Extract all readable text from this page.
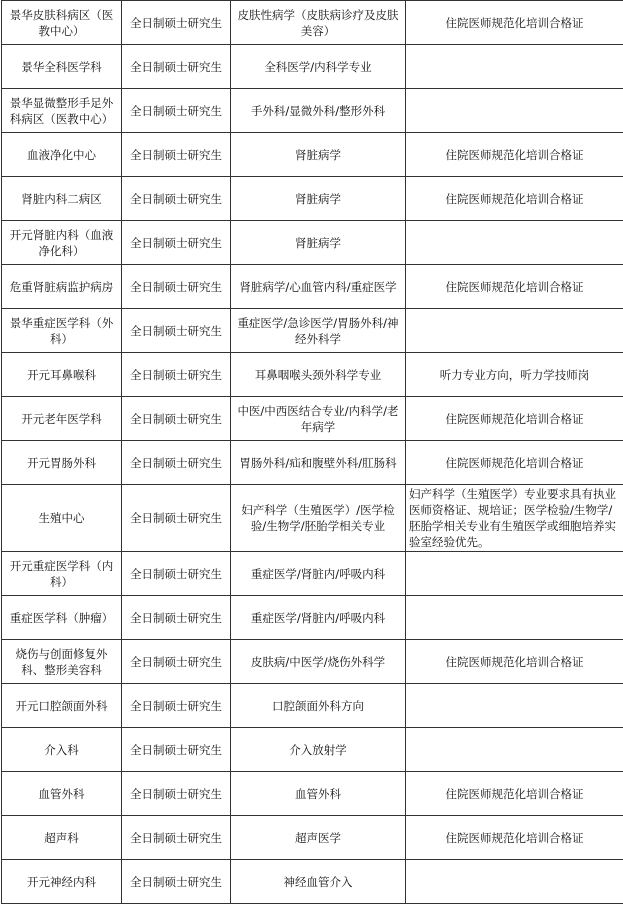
景华皮肤科病区（医教中心）	全日制硕士研究生	皮肤性病学（皮肤病诊疗及皮肤美容）	住院医师规范化培训合格证
景华全科医学科	全日制硕士研究生	全科医学/内科学专业	
景华显微整形手足外科病区（医教中心）	全日制硕士研究生	手外科/显微外科/整形外科	
血液净化中心	全日制硕士研究生	肾脏病学	住院医师规范化培训合格证
肾脏内科二病区	全日制硕士研究生	肾脏病学	住院医师规范化培训合格证
开元肾脏内科（血液净化科）	全日制硕士研究生	肾脏病学	
危重肾脏病监护病房	全日制硕士研究生	肾脏病学/心血管内科/重症医学	住院医师规范化培训合格证
景华重症医学科（外科）	全日制硕士研究生	重症医学/急诊医学/胃肠外科/神经外科学	
开元耳鼻喉科	全日制硕士研究生	耳鼻咽喉头颈外科学专业	听力专业方向，听力学技师岗
开元老年医学科	全日制硕士研究生	中医/中西医结合专业/内科学/老年病学	住院医师规范化培训合格证
开元胃肠外科	全日制硕士研究生	胃肠外科/疝和腹壁外科/肛肠科	住院医师规范化培训合格证
生殖中心	全日制硕士研究生	妇产科学（生殖医学）/医学检验/生物学/胚胎学相关专业	妇产科学（生殖医学）专业要求具有执业医师资格证、规培证；医学检验/生物学/胚胎学相关专业有生殖医学或细胞培养实验室经验优先。
开元重症医学科（内科）	全日制硕士研究生	重症医学/肾脏内/呼吸内科	
重症医学科（肿瘤）	全日制硕士研究生	重症医学/肾脏内/呼吸内科	
烧伤与创面修复外科、整形美容科	全日制硕士研究生	皮肤病/中医学/烧伤外科学	住院医师规范化培训合格证
开元口腔颌面外科	全日制硕士研究生	口腔颌面外科方向	
介入科	全日制硕士研究生	介入放射学	
血管外科	全日制硕士研究生	血管外科	住院医师规范化培训合格证
超声科	全日制硕士研究生	超声医学	住院医师规范化培训合格证
开元神经内科	全日制硕士研究生	神经血管介入	
